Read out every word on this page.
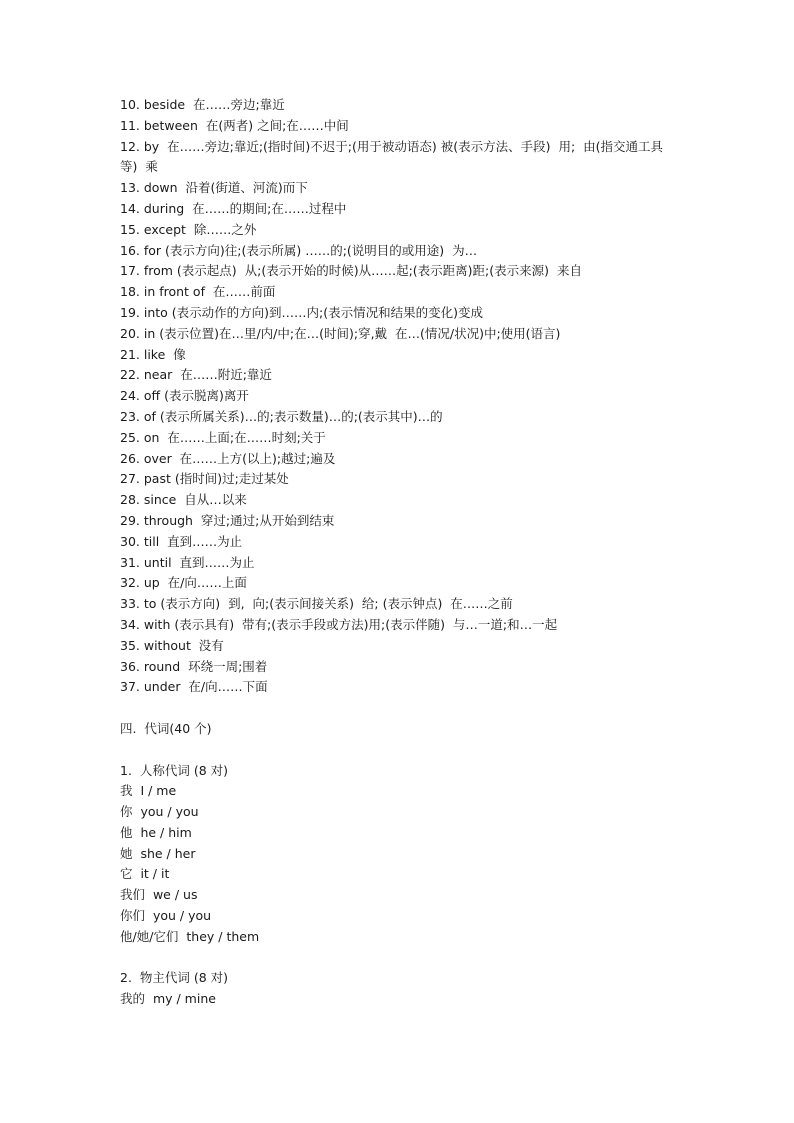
10. beside  在……旁边;靠近

11. between  在(两者) 之间;在……中间

12. by  在……旁边;靠近;(指时间)不迟于;(用于被动语态) 被(表示方法、手段)  用;  由(指交通工具等)  乘

13. down  沿着(街道、河流)而下

14. during  在……的期间;在……过程中

15. except  除……之外

16. for (表示方向)往;(表示所属) ……的;(说明目的或用途)  为…

17. from (表示起点)  从;(表示开始的时候)从……起;(表示距离)距;(表示来源)  来自

18. in front of  在……前面

19. into (表示动作的方向)到……内;(表示情况和结果的变化)变成

20. in (表示位置)在…里/内/中;在…(时间);穿,戴  在…(情况/状况)中;使用(语言)

21. like  像

22. near  在……附近;靠近

24. off (表示脱离)离开

23. of (表示所属关系)…的;表示数量)…的;(表示其中)…的

25. on  在……上面;在……时刻;关于

26. over  在……上方(以上);越过;遍及

27. past (指时间)过;走过某处

28. since  自从…以来

29. through  穿过;通过;从开始到结束

30. till  直到……为止

31. until  直到……为止

32. up  在/向……上面

33. to (表示方向)  到,  向;(表示间接关系)  给; (表示钟点)  在……之前

34. with (表示具有)  带有;(表示手段或方法)用;(表示伴随)  与…一道;和…一起

35. without  没有

36. round  环绕一周;围着

37. under  在/向……下面

四.  代词(40 个)

1.  人称代词 (8 对)

我  I / me

你  you / you

他  he / him

她  she / her

它  it / it

我们  we / us

你们  you / you

他/她/它们  they / them

2.  物主代词 (8 对)

我的  my / mine
